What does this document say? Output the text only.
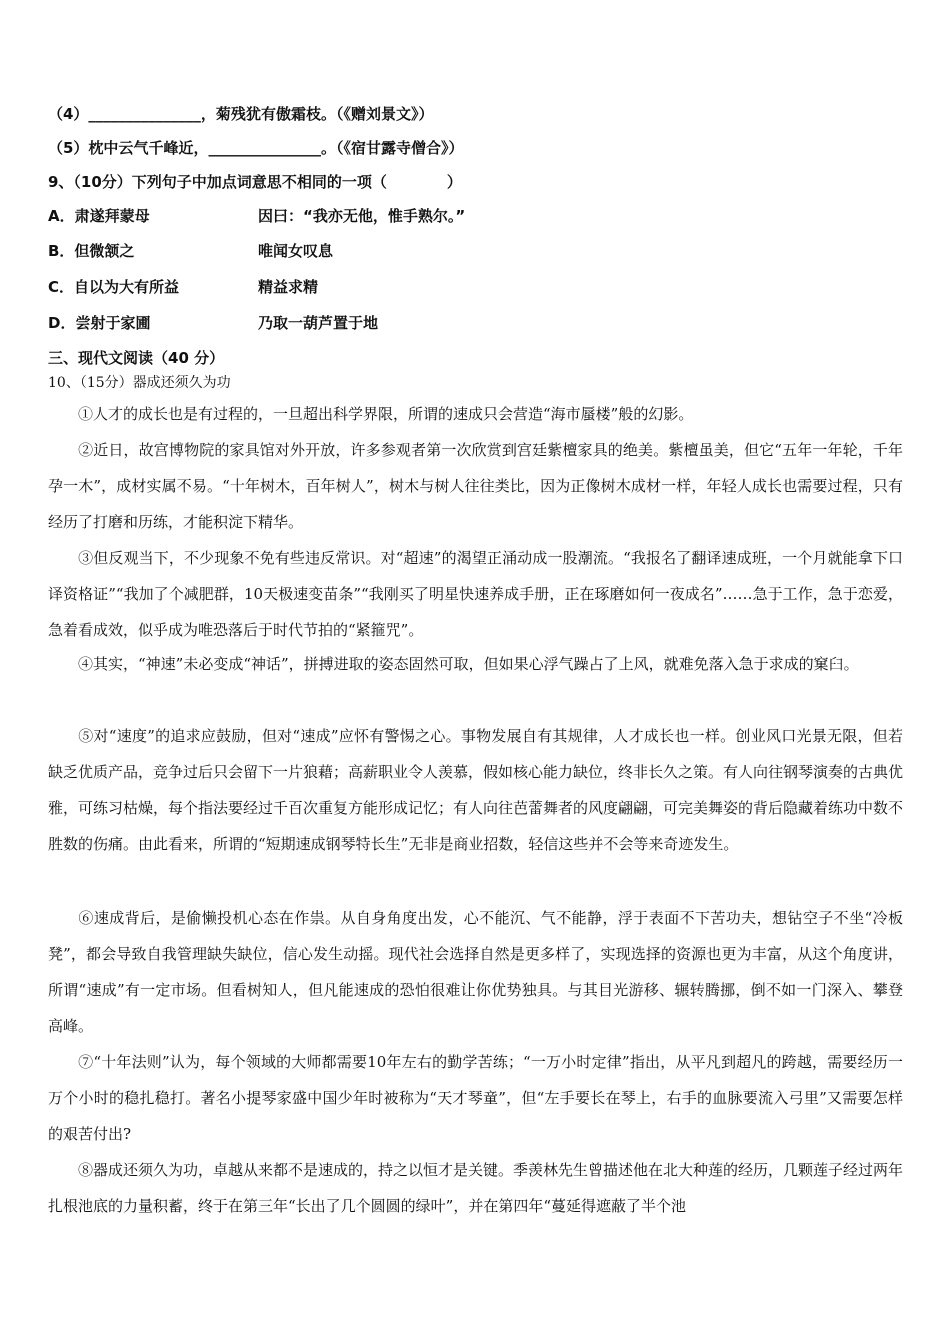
（4）_______________，菊残犹有傲霜枝。（《赠刘景文》）
（5）枕中云气千峰近，_______________。（《宿甘露寺僧合》）
9、（10分）下列句子中加点词意思不相同的一项（　　　　）
A．肃遂拜蒙母	因曰：“我亦无他，惟手熟尔。”
B．但微颔之	唯闻女叹息
C．自以为大有所益	精益求精
D．尝射于家圃	乃取一葫芦置于地
三、现代文阅读（40 分）
10、（15分）器成还须久为功
①人才的成长也是有过程的，一旦超出科学界限，所谓的速成只会营造“海市蜃楼”般的幻影。
②近日，故宫博物院的家具馆对外开放，许多参观者第一次欣赏到宫廷紫檀家具的绝美。紫檀虽美，但它“五年一年轮，千年孕一木”，成材实属不易。“十年树木，百年树人”，树木与树人往往类比，因为正像树木成材一样，年轻人成长也需要过程，只有经历了打磨和历练，才能积淀下精华。
③但反观当下，不少现象不免有些违反常识。对“超速”的渴望正涌动成一股潮流。“我报名了翻译速成班，一个月就能拿下口译资格证”“我加了个减肥群，10天极速变苗条”“我刚买了明星快速养成手册，正在琢磨如何一夜成名”……急于工作，急于恋爱，急着看成效，似乎成为唯恐落后于时代节拍的“紧箍咒”。
④其实，“神速”未必变成“神话”，拼搏进取的姿态固然可取，但如果心浮气躁占了上风，就难免落入急于求成的窠臼。
⑤对“速度”的追求应鼓励，但对“速成”应怀有警惕之心。事物发展自有其规律，人才成长也一样。创业风口光景无限，但若缺乏优质产品，竞争过后只会留下一片狼藉；高薪职业令人羡慕，假如核心能力缺位，终非长久之策。有人向往钢琴演奏的古典优雅，可练习枯燥，每个指法要经过千百次重复方能形成记忆；有人向往芭蕾舞者的风度翩翩，可完美舞姿的背后隐藏着练功中数不胜数的伤痛。由此看来，所谓的“短期速成钢琴特长生”无非是商业招数，轻信这些并不会等来奇迹发生。
⑥速成背后，是偷懒投机心态在作祟。从自身角度出发，心不能沉、气不能静，浮于表面不下苦功夫，想钻空子不坐“冷板凳”，都会导致自我管理缺失缺位，信心发生动摇。现代社会选择自然是更多样了，实现选择的资源也更为丰富，从这个角度讲，所谓“速成”有一定市场。但看树知人，但凡能速成的恐怕很难让你优势独具。与其目光游移、辗转腾挪，倒不如一门深入、攀登高峰。
⑦“十年法则”认为，每个领域的大师都需要10年左右的勤学苦练；“一万小时定律”指出，从平凡到超凡的跨越，需要经历一万个小时的稳扎稳打。著名小提琴家盛中国少年时被称为“天才琴童”，但“左手要长在琴上，右手的血脉要流入弓里”又需要怎样的艰苦付出?
⑧器成还须久为功，卓越从来都不是速成的，持之以恒才是关键。季羡林先生曾描述他在北大种莲的经历，几颗莲子经过两年扎根池底的力量积蓄，终于在第三年“长出了几个圆圆的绿叶”，并在第四年“蔓延得遮蔽了半个池
